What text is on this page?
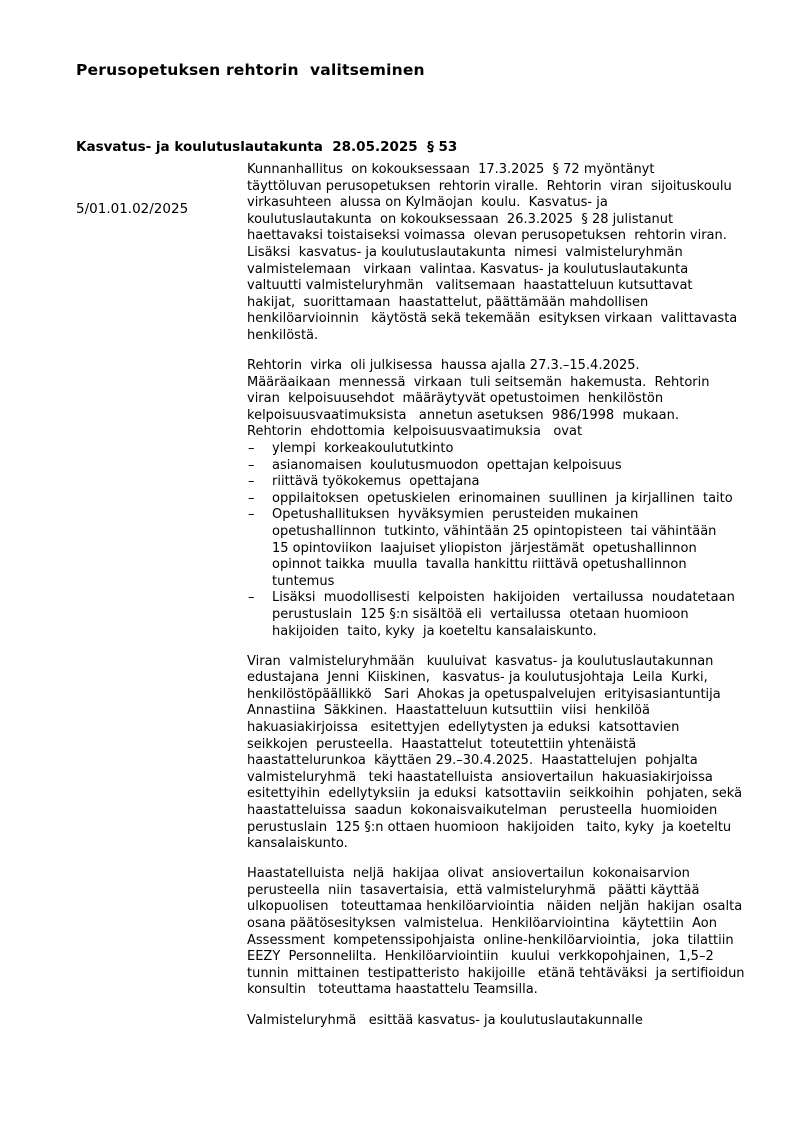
Perusopetuksen rehtorin  valitseminen

Kasvatus- ja koulutuslautakunta  28.05.2025  § 53

5/01.01.02/2025

Kunnanhallitus  on kokouksessaan  17.3.2025  § 72 myöntänyt
täyttöluvan perusopetuksen  rehtorin viralle.  Rehtorin  viran  sijoituskoulu
virkasuhteen  alussa on Kylmäojan  koulu.  Kasvatus- ja
koulutuslautakunta  on kokouksessaan  26.3.2025  § 28 julistanut
haettavaksi toistaiseksi voimassa  olevan perusopetuksen  rehtorin viran.
Lisäksi  kasvatus- ja koulutuslautakunta  nimesi  valmisteluryhmän
valmistelemaan   virkaan  valintaa. Kasvatus- ja koulutuslautakunta
valtuutti valmisteluryhmän   valitsemaan  haastatteluun kutsuttavat
hakijat,  suorittamaan  haastattelut, päättämään mahdollisen
henkilöarvioinnin   käytöstä sekä tekemään  esityksen virkaan  valittavasta
henkilöstä.
Rehtorin  virka  oli julkisessa  haussa ajalla 27.3.–15.4.2025.
Määräaikaan  mennessä  virkaan  tuli seitsemän  hakemusta.  Rehtorin
viran  kelpoisuusehdot  määräytyvät opetustoimen  henkilöstön
kelpoisuusvaatimuksista   annetun asetuksen  986/1998  mukaan.
Rehtorin  ehdottomia  kelpoisuusvaatimuksia   ovat
– ylempi  korkeakoulututkinto
– asianomaisen  koulutusmuodon  opettajan kelpoisuus
– riittävä työkokemus  opettajana
– oppilaitoksen  opetuskielen  erinomainen  suullinen  ja kirjallinen  taito
– Opetushallituksen  hyväksymien  perusteiden mukainen
opetushallinnon  tutkinto, vähintään 25 opintopisteen  tai vähintään
15 opintoviikon  laajuiset yliopiston  järjestämät  opetushallinnon
opinnot taikka  muulla  tavalla hankittu riittävä opetushallinnon
tuntemus
– Lisäksi  muodollisesti  kelpoisten  hakijoiden   vertailussa  noudatetaan
perustuslain  125 §:n sisältöä eli  vertailussa  otetaan huomioon
hakijoiden  taito, kyky  ja koeteltu kansalaiskunto.
Viran  valmisteluryhmään   kuuluivat  kasvatus- ja koulutuslautakunnan
edustajana  Jenni  Kiiskinen,   kasvatus- ja koulutusjohtaja  Leila  Kurki,
henkilöstöpäällikkö   Sari  Ahokas ja opetuspalvelujen  erityisasiantuntija
Annastiina  Säkkinen.  Haastatteluun kutsuttiin  viisi  henkilöä
hakuasiakirjoissa   esitettyjen  edellytysten ja eduksi  katsottavien
seikkojen  perusteella.  Haastattelut  toteutettiin yhtenäistä
haastattelurunkoa  käyttäen 29.–30.4.2025.  Haastattelujen  pohjalta
valmisteluryhmä   teki haastatelluista  ansiovertailun  hakuasiakirjoissa
esitettyihin  edellytyksiin  ja eduksi  katsottaviin  seikkoihin   pohjaten, sekä
haastatteluissa  saadun  kokonaisvaikutelman   perusteella  huomioiden
perustuslain  125 §:n ottaen huomioon  hakijoiden   taito, kyky  ja koeteltu
kansalaiskunto.
Haastatelluista  neljä  hakijaa  olivat  ansiovertailun  kokonaisarvion
perusteella  niin  tasavertaisia,  että valmisteluryhmä   päätti käyttää
ulkopuolisen   toteuttamaa henkilöarviointia   näiden  neljän  hakijan  osalta
osana päätösesityksen  valmistelua.  Henkilöarviointina   käytettiin  Aon
Assessment  kompetenssipohjaista  online-henkilöarviointia,   joka  tilattiin
EEZY  Personnelilta.  Henkilöarviointiin   kuului  verkkopohjainen,  1,5–2
tunnin  mittainen  testipatteristo  hakijoille   etänä tehtäväksi  ja sertifioidun
konsultin   toteuttama haastattelu Teamsilla.
Valmisteluryhmä   esittää kasvatus- ja koulutuslautakunnalle
